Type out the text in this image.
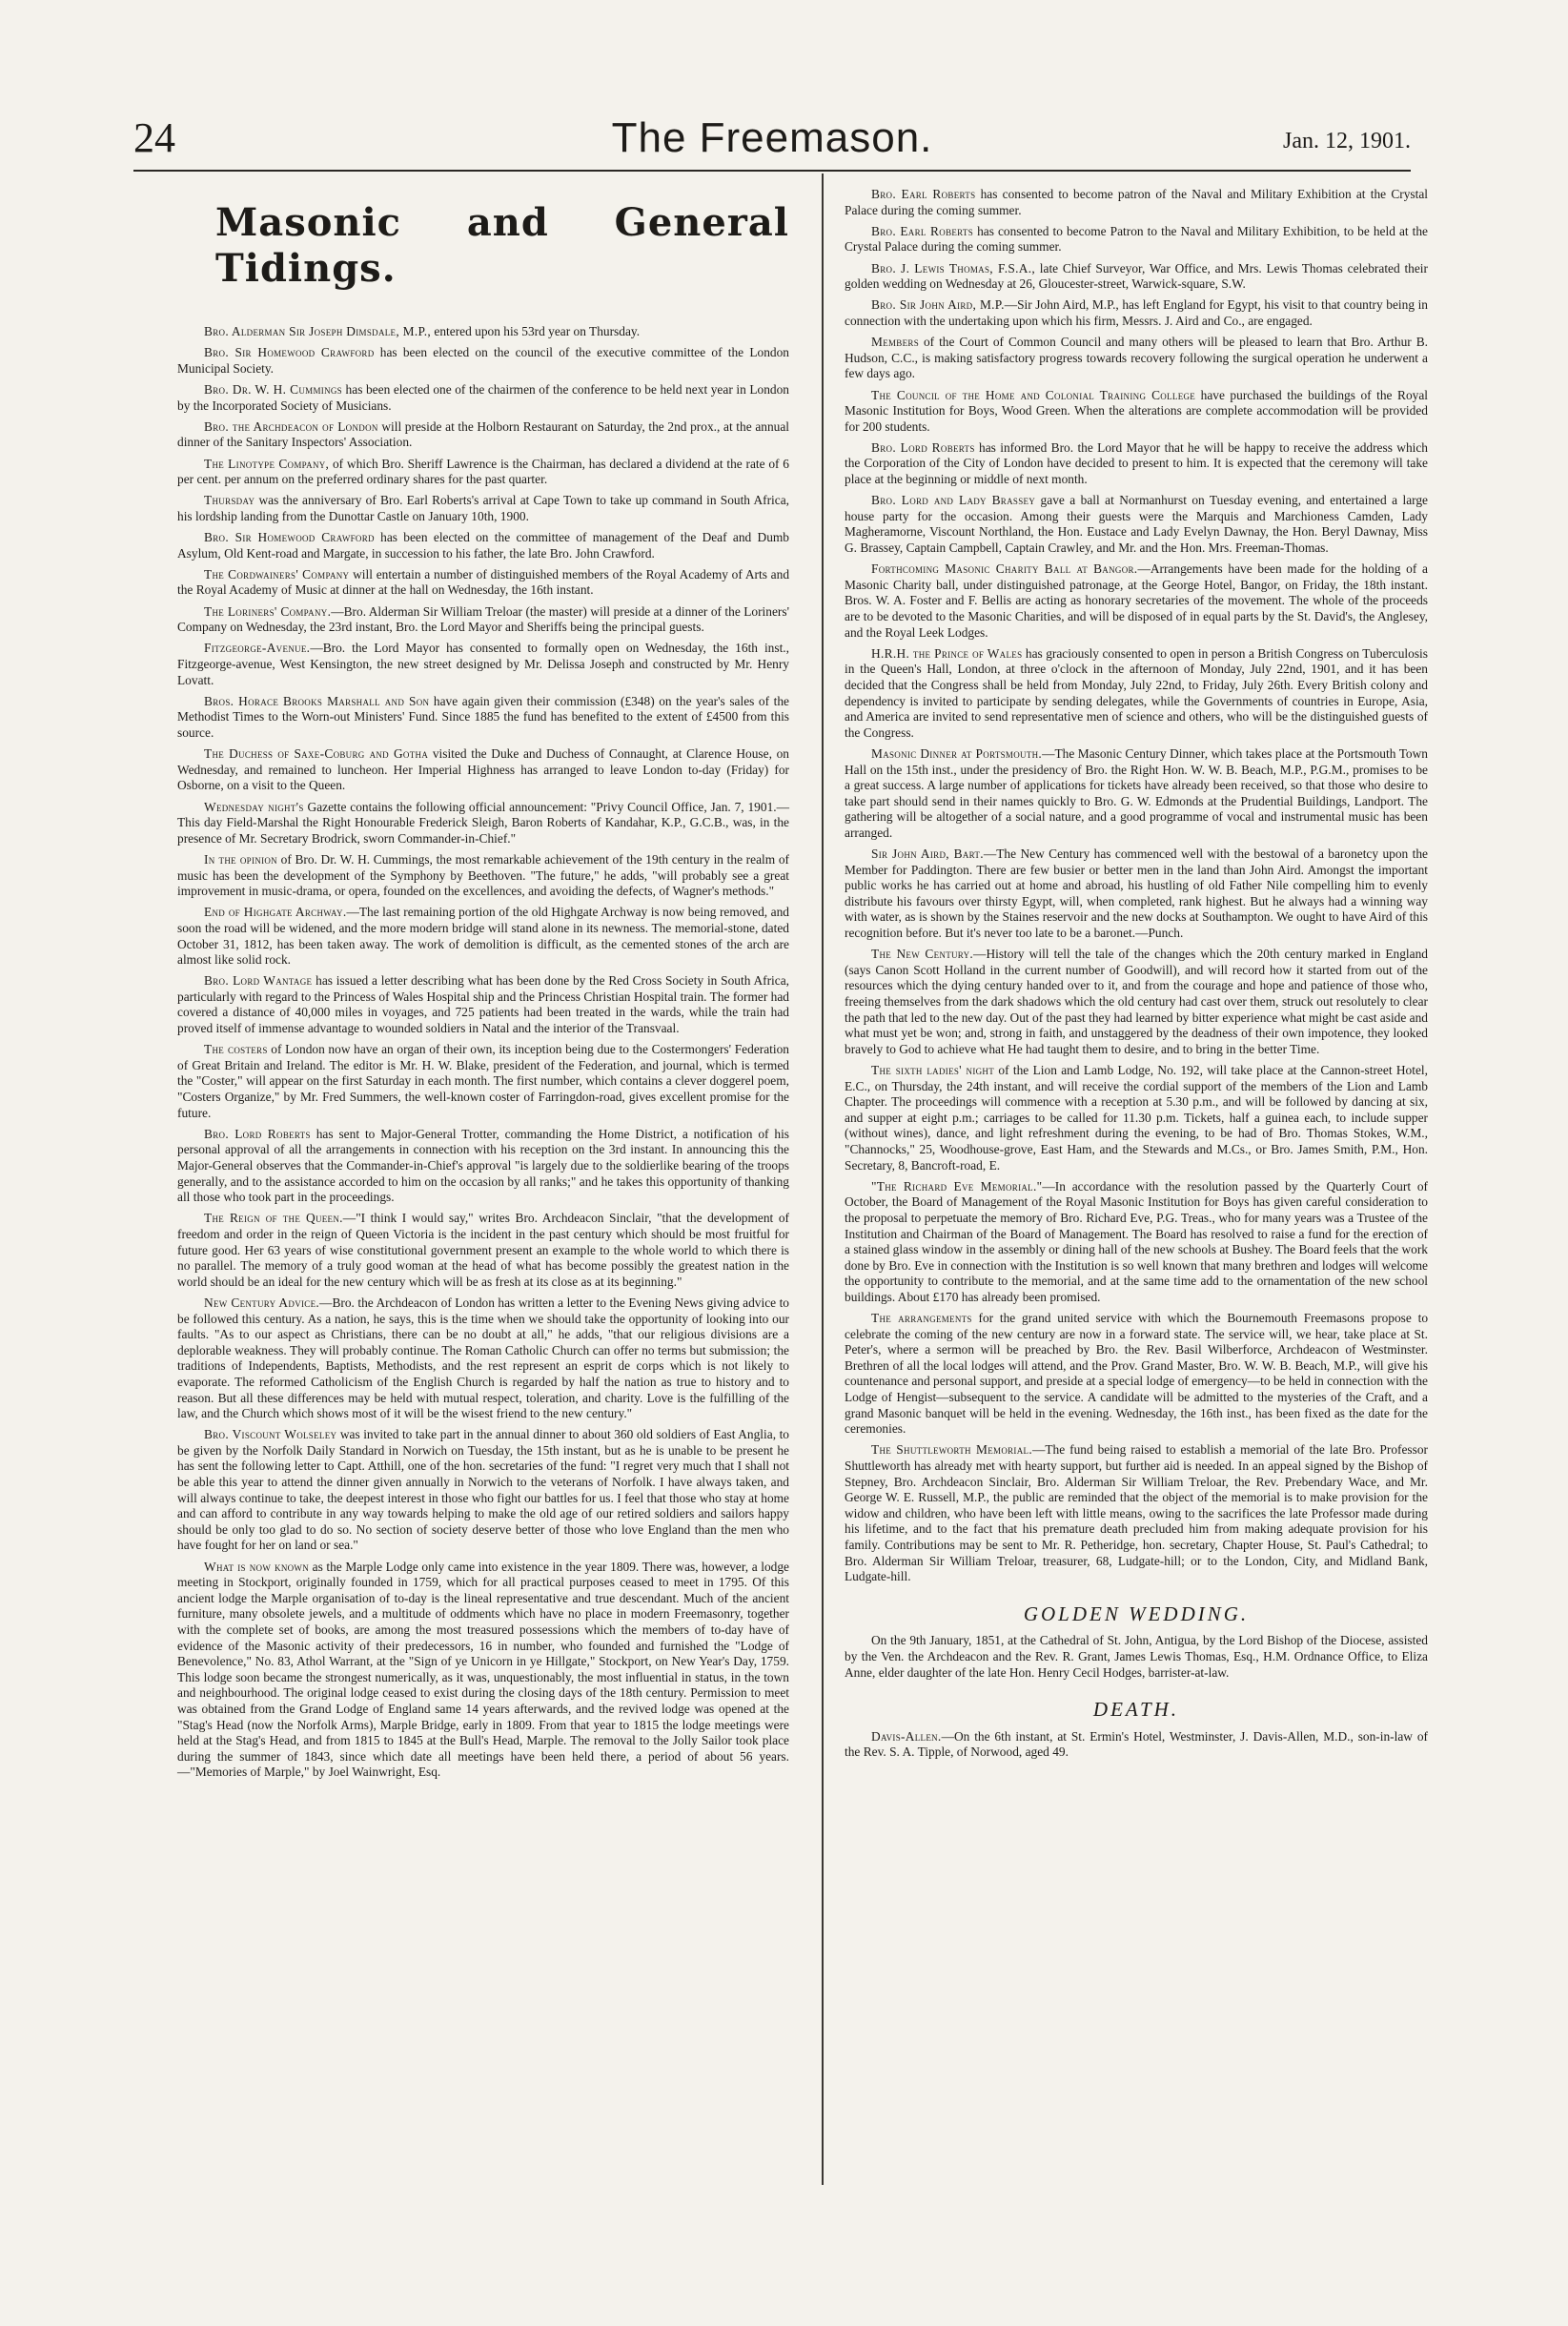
24	The Freemason.	Jan. 12, 1901.
Masonic and General Tidings.

Bro. Alderman Sir Joseph Dimsdale, M.P., entered upon his 53rd year on Thursday.

Bro. Sir Homewood Crawford has been elected on the council of the executive committee of the London Municipal Society.

Bro. Dr. W. H. Cummings has been elected one of the chairmen of the conference to be held next year in London by the Incorporated Society of Musicians.

Bro. the Archdeacon of London will preside at the Holborn Restaurant on Saturday, the 2nd prox., at the annual dinner of the Sanitary Inspectors' Association.

The Linotype Company, of which Bro. Sheriff Lawrence is the Chairman, has declared a dividend at the rate of 6 per cent. per annum on the preferred ordinary shares for the past quarter.

Thursday was the anniversary of Bro. Earl Roberts's arrival at Cape Town to take up command in South Africa, his lordship landing from the Dunottar Castle on January 10th, 1900.

Bro. Sir Homewood Crawford has been elected on the committee of management of the Deaf and Dumb Asylum, Old Kent-road and Margate, in succession to his father, the late Bro. John Crawford.

The Cordwainers' Company will entertain a number of distinguished members of the Royal Academy of Arts and the Royal Academy of Music at dinner at the hall on Wednesday, the 16th instant.

The Loriners' Company.—Bro. Alderman Sir William Treloar (the master) will preside at a dinner of the Loriners' Company on Wednesday, the 23rd instant, Bro. the Lord Mayor and Sheriffs being the principal guests.

Fitzgeorge-Avenue.—Bro. the Lord Mayor has consented to formally open on Wednesday, the 16th inst., Fitzgeorge-avenue, West Kensington, the new street designed by Mr. Delissa Joseph and constructed by Mr. Henry Lovatt.

Bros. Horace Brooks Marshall and Son have again given their commission (£348) on the year's sales of the Methodist Times to the Worn-out Ministers' Fund. Since 1885 the fund has benefited to the extent of £4500 from this source.

The Duchess of Saxe-Coburg and Gotha visited the Duke and Duchess of Connaught, at Clarence House, on Wednesday, and remained to luncheon. Her Imperial Highness has arranged to leave London to-day (Friday) for Osborne, on a visit to the Queen.

Wednesday night's Gazette contains the following official announcement: "Privy Council Office, Jan. 7, 1901.—This day Field-Marshal the Right Honourable Frederick Sleigh, Baron Roberts of Kandahar, K.P., G.C.B., was, in the presence of Mr. Secretary Brodrick, sworn Commander-in-Chief."

In the opinion of Bro. Dr. W. H. Cummings, the most remarkable achievement of the 19th century in the realm of music has been the development of the Symphony by Beethoven. "The future," he adds, "will probably see a great improvement in music-drama, or opera, founded on the excellences, and avoiding the defects, of Wagner's methods."

End of Highgate Archway.—The last remaining portion of the old Highgate Archway is now being removed, and soon the road will be widened, and the more modern bridge will stand alone in its newness. The memorial-stone, dated October 31, 1812, has been taken away. The work of demolition is difficult, as the cemented stones of the arch are almost like solid rock.

Bro. Lord Wantage has issued a letter describing what has been done by the Red Cross Society in South Africa, particularly with regard to the Princess of Wales Hospital ship and the Princess Christian Hospital train. The former had covered a distance of 40,000 miles in voyages, and 725 patients had been treated in the wards, while the train had proved itself of immense advantage to wounded soldiers in Natal and the interior of the Transvaal.

The costers of London now have an organ of their own, its inception being due to the Costermongers' Federation of Great Britain and Ireland. The editor is Mr. H. W. Blake, president of the Federation, and journal, which is termed the "Coster," will appear on the first Saturday in each month. The first number, which contains a clever doggerel poem, "Costers Organize," by Mr. Fred Summers, the well-known coster of Farringdon-road, gives excellent promise for the future.

Bro. Lord Roberts has sent to Major-General Trotter, commanding the Home District, a notification of his personal approval of all the arrangements in connection with his reception on the 3rd instant. In announcing this the Major-General observes that the Commander-in-Chief's approval "is largely due to the soldierlike bearing of the troops generally, and to the assistance accorded to him on the occasion by all ranks;" and he takes this opportunity of thanking all those who took part in the proceedings.

The Reign of the Queen.—"I think I would say," writes Bro. Archdeacon Sinclair, "that the development of freedom and order in the reign of Queen Victoria is the incident in the past century which should be most fruitful for future good. Her 63 years of wise constitutional government present an example to the whole world to which there is no parallel. The memory of a truly good woman at the head of what has become possibly the greatest nation in the world should be an ideal for the new century which will be as fresh at its close as at its beginning."

New Century Advice.—Bro. the Archdeacon of London has written a letter to the Evening News giving advice to be followed this century. As a nation, he says, this is the time when we should take the opportunity of looking into our faults. "As to our aspect as Christians, there can be no doubt at all," he adds, "that our religious divisions are a deplorable weakness. They will probably continue. The Roman Catholic Church can offer no terms but submission; the traditions of Independents, Baptists, Methodists, and the rest represent an esprit de corps which is not likely to evaporate. The reformed Catholicism of the English Church is regarded by half the nation as true to history and to reason. But all these differences may be held with mutual respect, toleration, and charity. Love is the fulfilling of the law, and the Church which shows most of it will be the wisest friend to the new century."

Bro. Viscount Wolseley was invited to take part in the annual dinner to about 360 old soldiers of East Anglia, to be given by the Norfolk Daily Standard in Norwich on Tuesday, the 15th instant, but as he is unable to be present he has sent the following letter to Capt. Atthill, one of the hon. secretaries of the fund: "I regret very much that I shall not be able this year to attend the dinner given annually in Norwich to the veterans of Norfolk. I have always taken, and will always continue to take, the deepest interest in those who fight our battles for us. I feel that those who stay at home and can afford to contribute in any way towards helping to make the old age of our retired soldiers and sailors happy should be only too glad to do so. No section of society deserve better of those who love England than the men who have fought for her on land or sea."

What is now known as the Marple Lodge only came into existence in the year 1809. There was, however, a lodge meeting in Stockport, originally founded in 1759, which for all practical purposes ceased to meet in 1795. Of this ancient lodge the Marple organisation of to-day is the lineal representative and true descendant. Much of the ancient furniture, many obsolete jewels, and a multitude of oddments which have no place in modern Freemasonry, together with the complete set of books, are among the most treasured possessions which the members of to-day have of evidence of the Masonic activity of their predecessors, 16 in number, who founded and furnished the "Lodge of Benevolence," No. 83, Athol Warrant, at the "Sign of ye Unicorn in ye Hillgate," Stockport, on New Year's Day, 1759. This lodge soon became the strongest numerically, as it was, unquestionably, the most influential in status, in the town and neighbourhood. The original lodge ceased to exist during the closing days of the 18th century. Permission to meet was obtained from the Grand Lodge of England same 14 years afterwards, and the revived lodge was opened at the "Stag's Head (now the Norfolk Arms), Marple Bridge, early in 1809. From that year to 1815 the lodge meetings were held at the Stag's Head, and from 1815 to 1845 at the Bull's Head, Marple. The removal to the Jolly Sailor took place during the summer of 1843, since which date all meetings have been held there, a period of about 56 years.—"Memories of Marple," by Joel Wainwright, Esq.

Bro. Earl Roberts has consented to become patron of the Naval and Military Exhibition at the Crystal Palace during the coming summer.

Bro. Earl Roberts has consented to become Patron to the Naval and Military Exhibition, to be held at the Crystal Palace during the coming summer.

Bro. J. Lewis Thomas, F.S.A., late Chief Surveyor, War Office, and Mrs. Lewis Thomas celebrated their golden wedding on Wednesday at 26, Gloucester-street, Warwick-square, S.W.

Bro. Sir John Aird, M.P.—Sir John Aird, M.P., has left England for Egypt, his visit to that country being in connection with the undertaking upon which his firm, Messrs. J. Aird and Co., are engaged.

Members of the Court of Common Council and many others will be pleased to learn that Bro. Arthur B. Hudson, C.C., is making satisfactory progress towards recovery following the surgical operation he underwent a few days ago.

The Council of the Home and Colonial Training College have purchased the buildings of the Royal Masonic Institution for Boys, Wood Green. When the alterations are complete accommodation will be provided for 200 students.

Bro. Lord Roberts has informed Bro. the Lord Mayor that he will be happy to receive the address which the Corporation of the City of London have decided to present to him. It is expected that the ceremony will take place at the beginning or middle of next month.

Bro. Lord and Lady Brassey gave a ball at Normanhurst on Tuesday evening, and entertained a large house party for the occasion. Among their guests were the Marquis and Marchioness Camden, Lady Magheramorne, Viscount Northland, the Hon. Eustace and Lady Evelyn Dawnay, the Hon. Beryl Dawnay, Miss G. Brassey, Captain Campbell, Captain Crawley, and Mr. and the Hon. Mrs. Freeman-Thomas.

Forthcoming Masonic Charity Ball at Bangor.—Arrangements have been made for the holding of a Masonic Charity ball, under distinguished patronage, at the George Hotel, Bangor, on Friday, the 18th instant. Bros. W. A. Foster and F. Bellis are acting as honorary secretaries of the movement. The whole of the proceeds are to be devoted to the Masonic Charities, and will be disposed of in equal parts by the St. David's, the Anglesey, and the Royal Leek Lodges.

H.R.H. the Prince of Wales has graciously consented to open in person a British Congress on Tuberculosis in the Queen's Hall, London, at three o'clock in the afternoon of Monday, July 22nd, 1901, and it has been decided that the Congress shall be held from Monday, July 22nd, to Friday, July 26th. Every British colony and dependency is invited to participate by sending delegates, while the Governments of countries in Europe, Asia, and America are invited to send representative men of science and others, who will be the distinguished guests of the Congress.

Masonic Dinner at Portsmouth.—The Masonic Century Dinner, which takes place at the Portsmouth Town Hall on the 15th inst., under the presidency of Bro. the Right Hon. W. W. B. Beach, M.P., P.G.M., promises to be a great success. A large number of applications for tickets have already been received, so that those who desire to take part should send in their names quickly to Bro. G. W. Edmonds at the Prudential Buildings, Landport. The gathering will be altogether of a social nature, and a good programme of vocal and instrumental music has been arranged.

Sir John Aird, Bart.—The New Century has commenced well with the bestowal of a baronetcy upon the Member for Paddington. There are few busier or better men in the land than John Aird. Amongst the important public works he has carried out at home and abroad, his hustling of old Father Nile compelling him to evenly distribute his favours over thirsty Egypt, will, when completed, rank highest. But he always had a winning way with water, as is shown by the Staines reservoir and the new docks at Southampton. We ought to have Aird of this recognition before. But it's never too late to be a baronet.—Punch.

The New Century.—History will tell the tale of the changes which the 20th century marked in England (says Canon Scott Holland in the current number of Goodwill), and will record how it started from out of the resources which the dying century handed over to it, and from the courage and hope and patience of those who, freeing themselves from the dark shadows which the old century had cast over them, struck out resolutely to clear the path that led to the new day. Out of the past they had learned by bitter experience what might be cast aside and what must yet be won; and, strong in faith, and unstaggered by the deadness of their own impotence, they looked bravely to God to achieve what He had taught them to desire, and to bring in the better Time.

The sixth ladies' night of the Lion and Lamb Lodge, No. 192, will take place at the Cannon-street Hotel, E.C., on Thursday, the 24th instant, and will receive the cordial support of the members of the Lion and Lamb Chapter. The proceedings will commence with a reception at 5.30 p.m., and will be followed by dancing at six, and supper at eight p.m.; carriages to be called for 11.30 p.m. Tickets, half a guinea each, to include supper (without wines), dance, and light refreshment during the evening, to be had of Bro. Thomas Stokes, W.M., "Channocks," 25, Woodhouse-grove, East Ham, and the Stewards and M.Cs., or Bro. James Smith, P.M., Hon. Secretary, 8, Bancroft-road, E.

"The Richard Eve Memorial."—In accordance with the resolution passed by the Quarterly Court of October, the Board of Management of the Royal Masonic Institution for Boys has given careful consideration to the proposal to perpetuate the memory of Bro. Richard Eve, P.G. Treas., who for many years was a Trustee of the Institution and Chairman of the Board of Management. The Board has resolved to raise a fund for the erection of a stained glass window in the assembly or dining hall of the new schools at Bushey. The Board feels that the work done by Bro. Eve in connection with the Institution is so well known that many brethren and lodges will welcome the opportunity to contribute to the memorial, and at the same time add to the ornamentation of the new school buildings. About £170 has already been promised.

The arrangements for the grand united service with which the Bournemouth Freemasons propose to celebrate the coming of the new century are now in a forward state. The service will, we hear, take place at St. Peter's, where a sermon will be preached by Bro. the Rev. Basil Wilberforce, Archdeacon of Westminster. Brethren of all the local lodges will attend, and the Prov. Grand Master, Bro. W. W. B. Beach, M.P., will give his countenance and personal support, and preside at a special lodge of emergency—to be held in connection with the Lodge of Hengist—subsequent to the service. A candidate will be admitted to the mysteries of the Craft, and a grand Masonic banquet will be held in the evening. Wednesday, the 16th inst., has been fixed as the date for the ceremonies.

The Shuttleworth Memorial.—The fund being raised to establish a memorial of the late Bro. Professor Shuttleworth has already met with hearty support, but further aid is needed. In an appeal signed by the Bishop of Stepney, Bro. Archdeacon Sinclair, Bro. Alderman Sir William Treloar, the Rev. Prebendary Wace, and Mr. George W. E. Russell, M.P., the public are reminded that the object of the memorial is to make provision for the widow and children, who have been left with little means, owing to the sacrifices the late Professor made during his lifetime, and to the fact that his premature death precluded him from making adequate provision for his family. Contributions may be sent to Mr. R. Petheridge, hon. secretary, Chapter House, St. Paul's Cathedral; to Bro. Alderman Sir William Treloar, treasurer, 68, Ludgate-hill; or to the London, City, and Midland Bank, Ludgate-hill.

GOLDEN WEDDING.

On the 9th January, 1851, at the Cathedral of St. John, Antigua, by the Lord Bishop of the Diocese, assisted by the Ven. the Archdeacon and the Rev. R. Grant, James Lewis Thomas, Esq., H.M. Ordnance Office, to Eliza Anne, elder daughter of the late Hon. Henry Cecil Hodges, barrister-at-law.

DEATH.

Davis-Allen.—On the 6th instant, at St. Ermin's Hotel, Westminster, J. Davis-Allen, M.D., son-in-law of the Rev. S. A. Tipple, of Norwood, aged 49.
